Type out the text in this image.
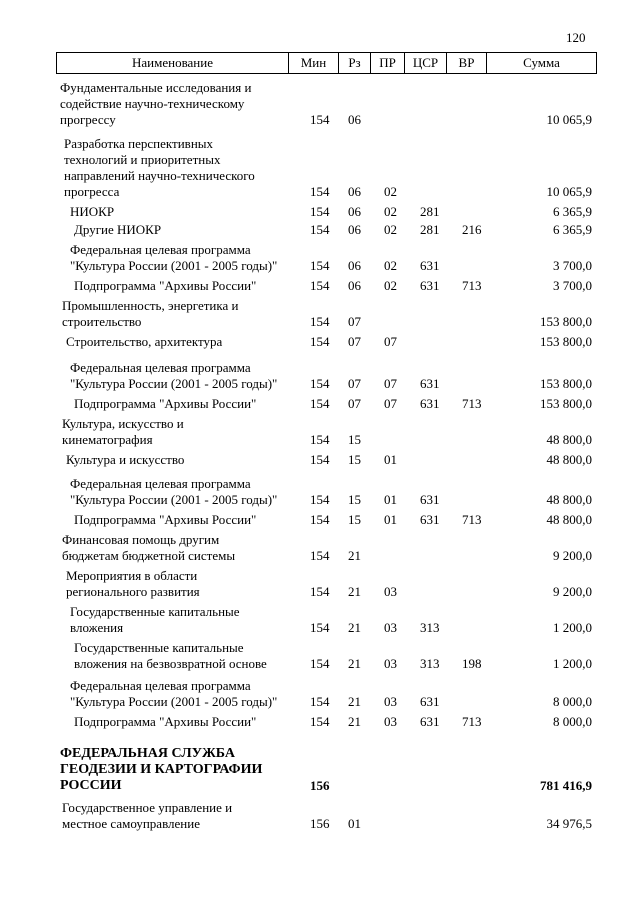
120
Наименование	Мин	Рз	ПР	ЦСР	ВР	Сумма
Фундаментальные исследования и
содействие научно-техническому
прогрессу	154 06	10 065,9
Разработка перспективных
технологий и приоритетных
направлений научно-технического
прогресса	154 06 02	10 065,9
НИОКР	154 06 02 281	6 365,9
Другие НИОКР	154 06 02 281 216	6 365,9
Федеральная целевая программа
"Культура России (2001 - 2005 годы)"	154 06 02 631	3 700,0
Подпрограмма "Архивы России"	154 06 02 631 713	3 700,0
Промышленность, энергетика и
строительство	154 07	153 800,0
Строительство, архитектура	154 07 07	153 800,0
Федеральная целевая программа
"Культура России (2001 - 2005 годы)"	154 07 07 631	153 800,0
Подпрограмма "Архивы России"	154 07 07 631 713	153 800,0
Культура, искусство и
кинематография	154 15	48 800,0
Культура и искусство	154 15 01	48 800,0
Федеральная целевая программа
"Культура России (2001 - 2005 годы)"	154 15 01 631	48 800,0
Подпрограмма "Архивы России"	154 15 01 631 713	48 800,0
Финансовая помощь другим
бюджетам бюджетной системы	154 21	9 200,0
Мероприятия в области
регионального развития	154 21 03	9 200,0
Государственные капитальные
вложения	154 21 03 313	1 200,0
Государственные капитальные
вложения на безвозвратной основе	154 21 03 313 198	1 200,0
Федеральная целевая программа
"Культура России (2001 - 2005 годы)"	154 21 03 631	8 000,0
Подпрограмма "Архивы России"	154 21 03 631 713	8 000,0
ФЕДЕРАЛЬНАЯ СЛУЖБА
ГЕОДЕЗИИ И КАРТОГРАФИИ
РОССИИ	156	781 416,9
Государственное управление и
местное самоуправление	156 01	34 976,5
